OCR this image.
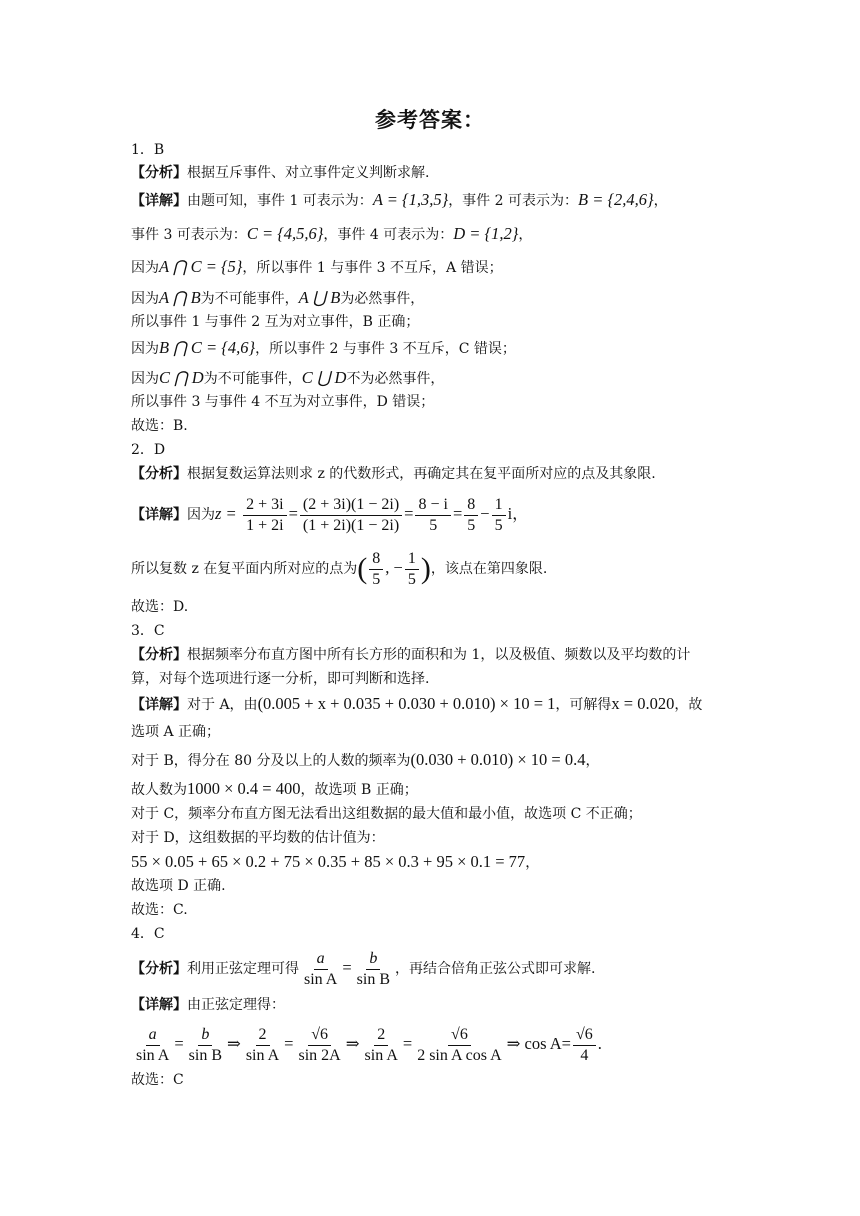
参考答案：
1．B
【分析】根据互斥事件、对立事件定义判断求解.
【详解】由题可知，事件 1 可表示为：A = {1,3,5}，事件 2 可表示为：B = {2,4,6}，
事件 3 可表示为：C = {4,5,6}，事件 4 可表示为：D = {1,2}，
因为A ⋂ C = {5}，所以事件 1 与事件 3 不互斥，A 错误；
因为A ⋂ B为不可能事件，A ⋃ B为必然事件，
所以事件 1 与事件 2 互为对立事件，B 正确；
因为B ⋂ C = {4,6}，所以事件 2 与事件 3 不互斥，C 错误；
因为C ⋂ D为不可能事件，C ⋃ D不为必然事件，
所以事件 3 与事件 4 不互为对立事件，D 错误；
故选：B.
2．D
【分析】根据复数运算法则求 z 的代数形式，再确定其在复平面所对应的点及其象限.
【详解】因为$z = \frac{2 + 3i}{1 + 2i} = \frac{(2 + 3i)(1 - 2i)}{(1 + 2i)(1 - 2i)} = \frac{8 - i}{5} = \frac{8}{5} - \frac{1}{5}$ i，
所以复数 z 在复平面内所对应的点为( $\frac{8}{5}$ , − $\frac{1}{5}$ )，该点在第四象限.
故选：D.
3．C
【分析】根据频率分布直方图中所有长方形的面积和为 1，以及极值、频数以及平均数的计
算，对每个选项进行逐一分析，即可判断和选择.
【详解】对于 A，由(0.005 + x + 0.035 + 0.030 + 0.010) × 10 = 1，可解得x = 0.020，故
选项 A 正确；
对于 B，得分在 80 分及以上的人数的频率为(0.030 + 0.010) × 10 = 0.4，
故人数为1000 × 0.4 = 400，故选项 B 正确；
对于 C，频率分布直方图无法看出这组数据的最大值和最小值，故选项 C 不正确；
对于 D，这组数据的平均数的估计值为：
55 × 0.05 + 65 × 0.2 + 75 × 0.35 + 85 × 0.3 + 95 × 0.1 = 77，
故选项 D 正确.
故选：C.
4．C
【分析】利用正弦定理可得 $\frac{a}{\text{sin A}} = \frac{b}{\text{sin B}}$ ，再结合倍角正弦公式即可求解.
【详解】由正弦定理得：
$\frac{a}{\text{sin A}} = \frac{b}{\text{sin B}}$ ⇒ $\frac{2}{\text{sin A}} = \frac{√6}{\sin 2A}$ ⇒ $\frac{2}{\text{sin A}} = \frac{√6}{\text{2 sin A cos A}}$ ⇒ $\cos A= \frac{√6}{4}$ .
故选：C
